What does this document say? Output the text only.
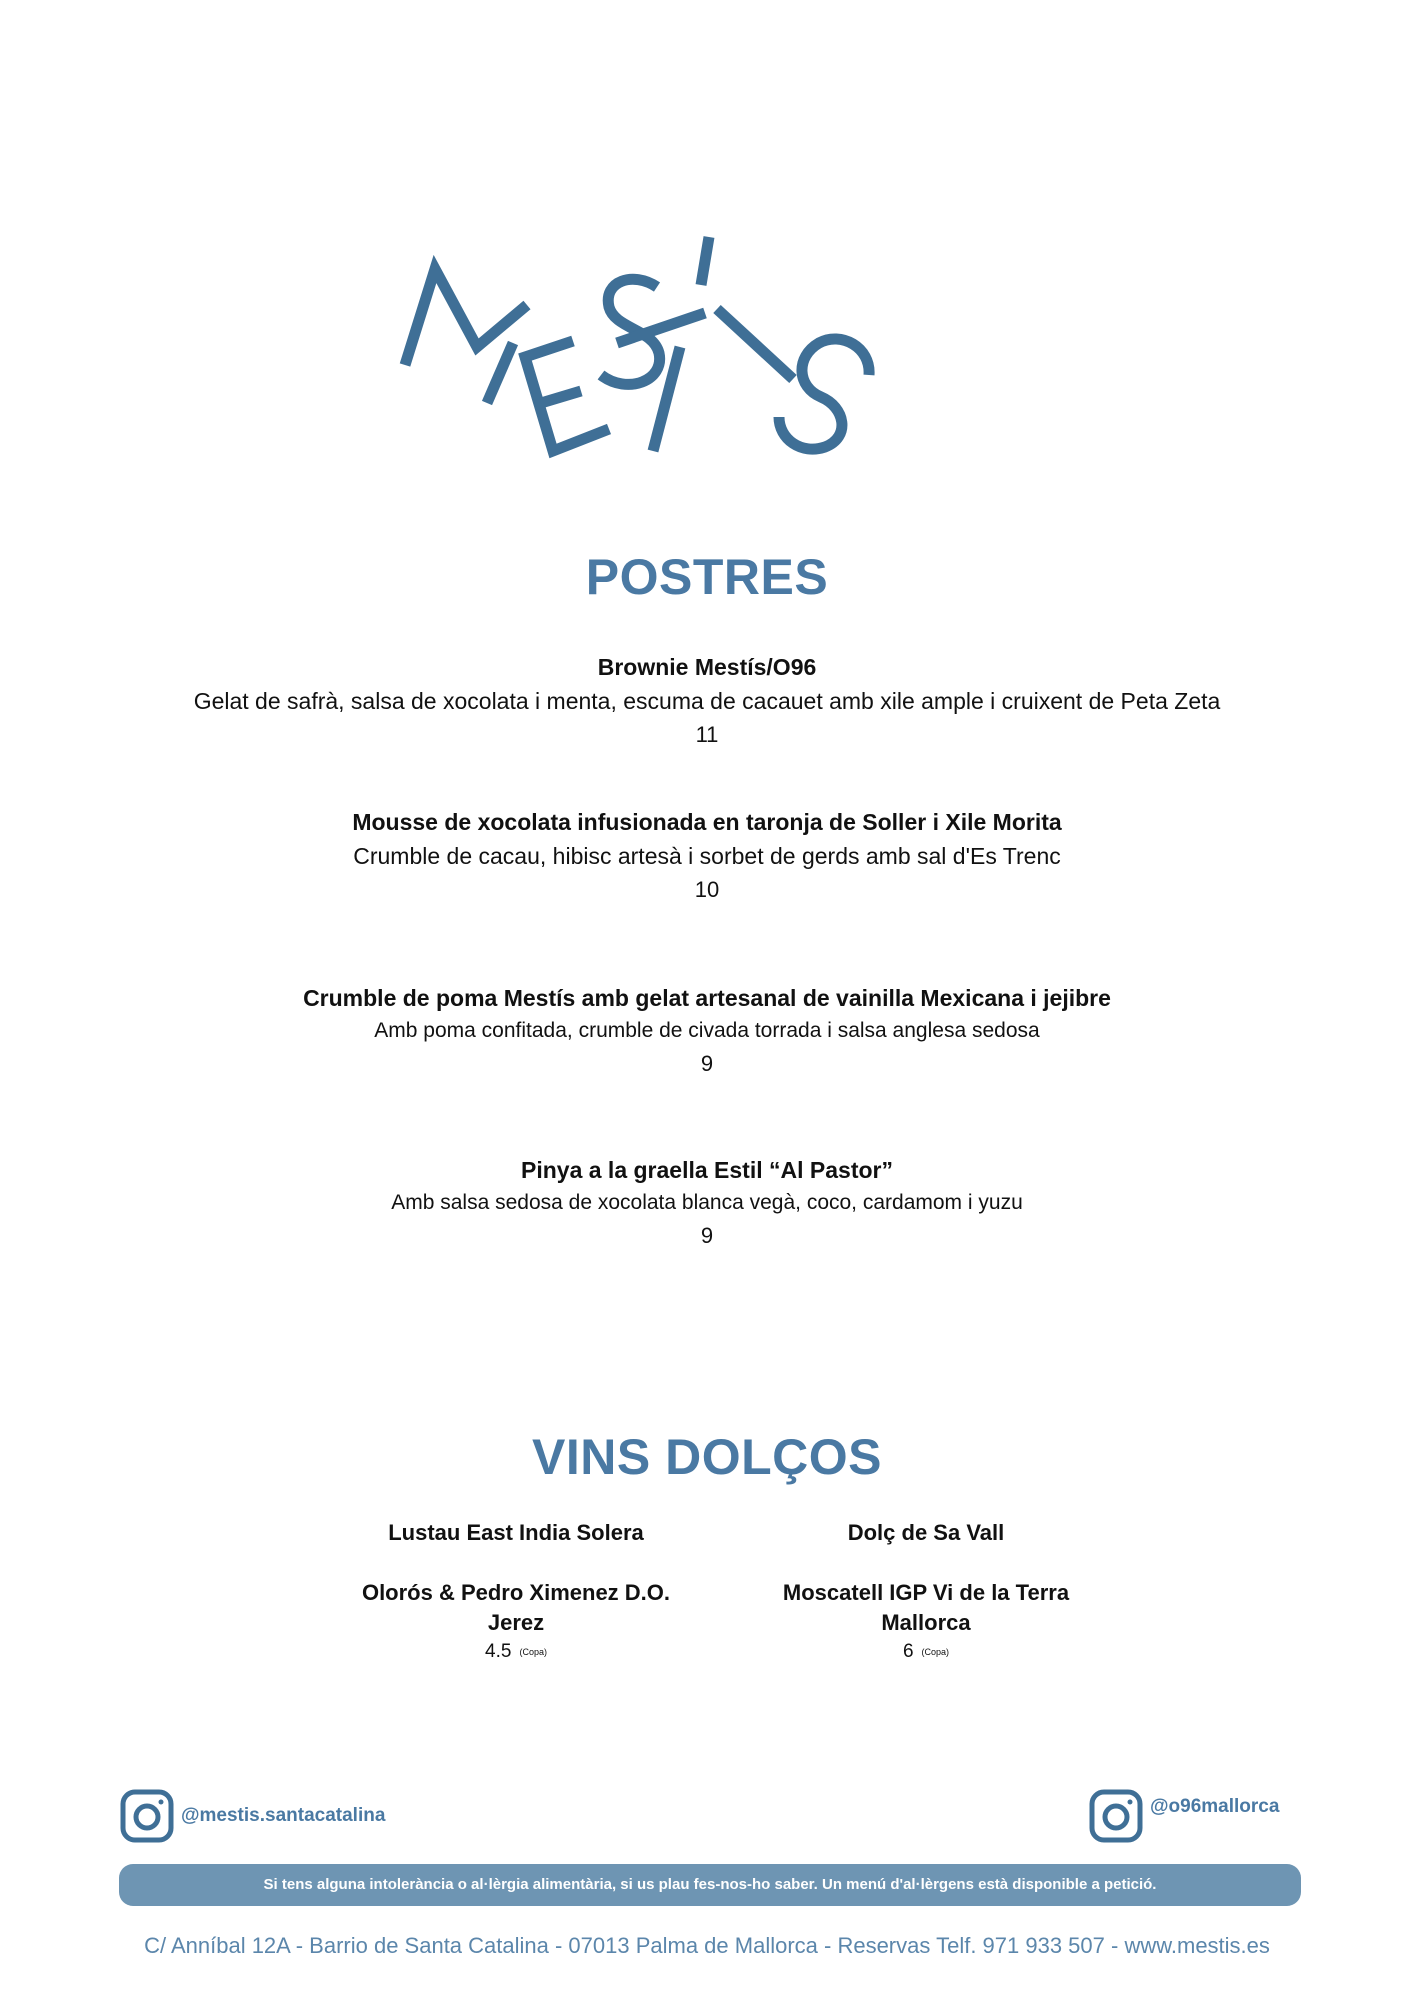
POSTRES
Brownie Mestís/O96
Gelat de safrà, salsa de xocolata i menta, escuma de cacauet amb xile ample i cruixent de Peta Zeta
11
Mousse de xocolata infusionada en taronja de Soller i Xile Morita
Crumble de cacau, hibisc artesà i sorbet de gerds amb sal d'Es Trenc
10
Crumble de poma Mestís amb gelat artesanal de vainilla Mexicana i jejibre
Amb poma confitada, crumble de civada torrada i salsa anglesa sedosa
9
Pinya a la graella Estil “Al Pastor”
Amb salsa sedosa de xocolata blanca vegà, coco, cardamom i yuzu
9
VINS DOLÇOS
Lustau East India Solera
Olorós & Pedro Ximenez D.O.
Jerez
4.5 (Copa)
Dolç de Sa Vall
Moscatell IGP Vi de la Terra
Mallorca
6 (Copa)
@mestis.santacatalina	@o96mallorca
Si tens alguna intolerància o al·lèrgia alimentària, si us plau fes-nos-ho saber. Un menú d'al·lèrgens està disponible a petició.
C/ Anníbal 12A - Barrio de Santa Catalina - 07013 Palma de Mallorca - Reservas Telf. 971 933 507 - www.mestis.es
